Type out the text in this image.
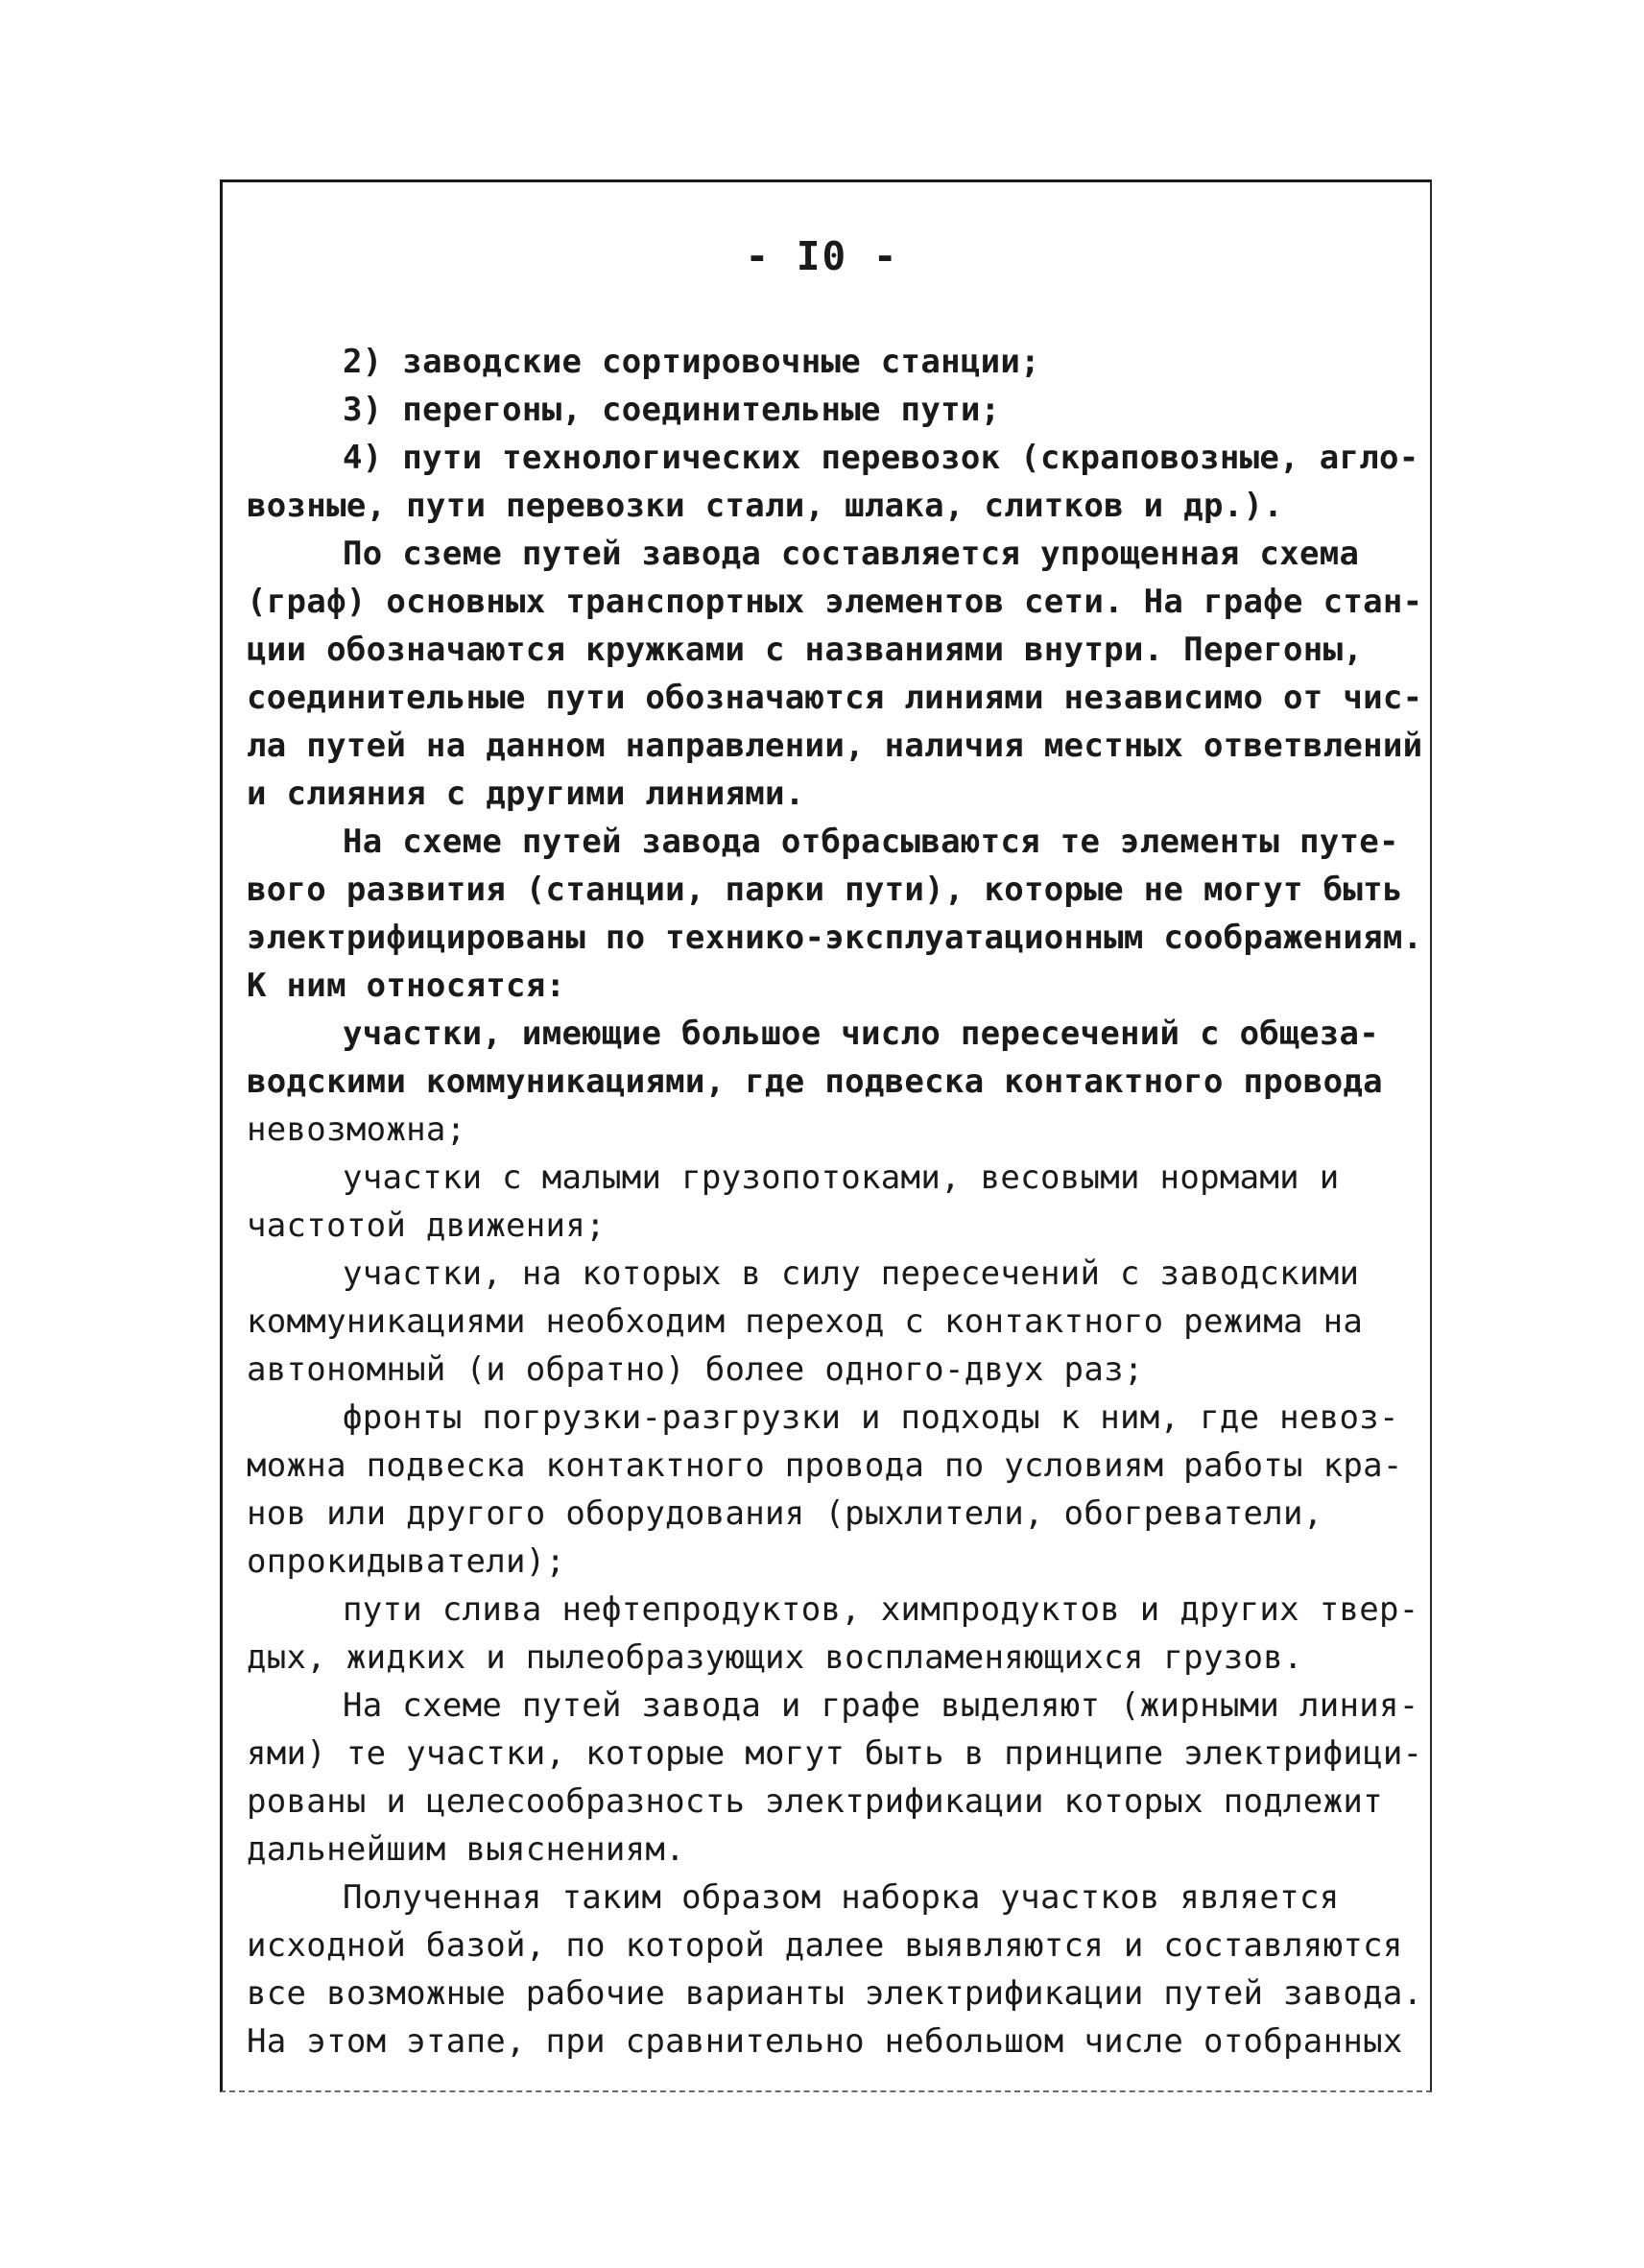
- I0 -
2) заводские сортировочные станции;
3) перегоны, соединительные пути;
4) пути технологических перевозок (скраповозные, агло-
возные, пути перевозки стали, шлака, слитков и др.).
По сземе путей завода составляется упрощенная схема
(граф) основных транспортных элементов сети. На графе стан-
ции обозначаются кружками с названиями внутри. Перегоны,
соединительные пути обозначаются линиями независимо от чис-
ла путей на данном направлении, наличия местных ответвлений
и слияния с другими линиями.
На схеме путей завода отбрасываются те элементы путе-
вого развития (станции, парки пути), которые не могут быть
электрифицированы по технико-эксплуатационным соображениям.
К ним относятся:
участки, имеющие большое число пересечений с общеза-
водскими коммуникациями, где подвеска контактного провода
невозможна;
участки с малыми грузопотоками, весовыми нормами и
частотой движения;
участки, на которых в силу пересечений с заводскими
коммуникациями необходим переход с контактного режима на
автономный (и обратно) более одного-двух раз;
фронты погрузки-разгрузки и подходы к ним, где невоз-
можна подвеска контактного провода по условиям работы кра-
нов или другого оборудования (рыхлители, обогреватели,
опрокидыватели);
пути слива нефтепродуктов, химпродуктов и других твер-
дых, жидких и пылеобразующих воспламеняющихся грузов.
На схеме путей завода и графе выделяют (жирными линия-
ями) те участки, которые могут быть в принципе электрифици-
рованы и целесообразность электрификации которых подлежит
дальнейшим выяснениям.
Полученная таким образом наборка участков является
исходной базой, по которой далее выявляются и составляются
все возможные рабочие варианты электрификации путей завода.
На этом этапе, при сравнительно небольшом числе отобранных
